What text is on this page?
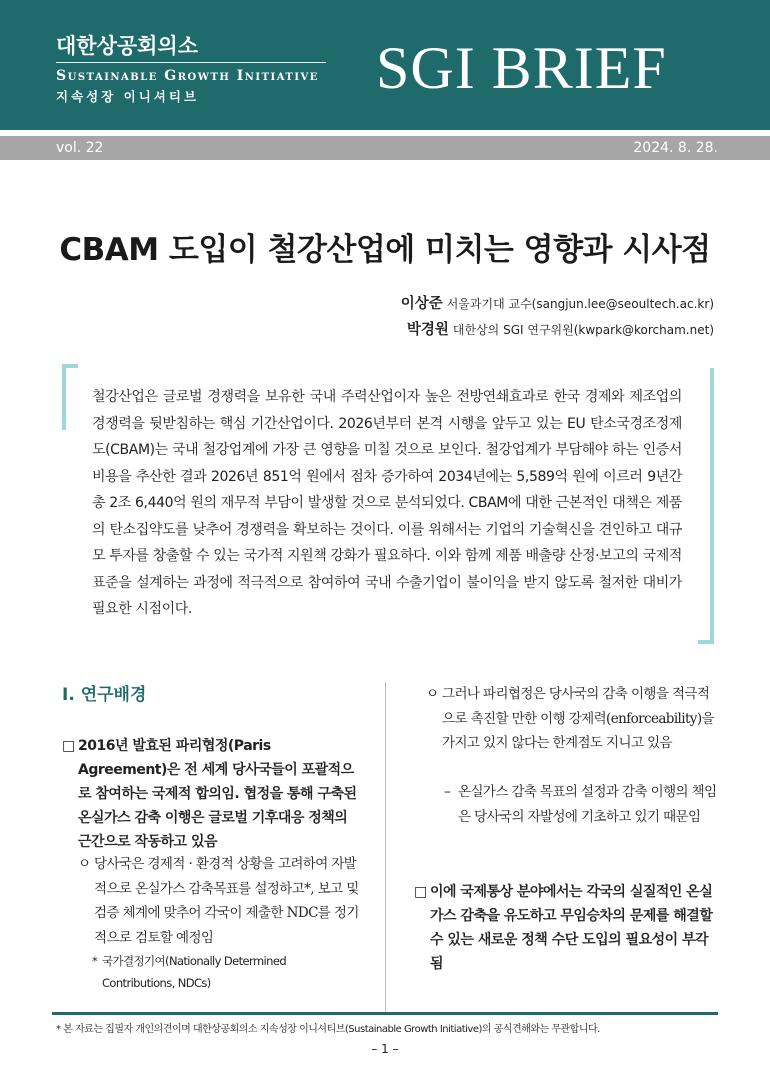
대한상공회의소
Sustainable Growth Initiative
지속성장 이니셔티브	SGI BRIEF
vol. 22	2024. 8. 28.
CBAM 도입이 철강산업에 미치는 영향과 시사점
이상준 서울과기대 교수(sangjun.lee@seoultech.ac.kr)
박경원 대한상의 SGI 연구위원(kwpark@korcham.net)

철강산업은 글로벌 경쟁력을 보유한 국내 주력산업이자 높은 전방연쇄효과로 한국 경제와 제조업의 경쟁력을 뒷받침하는 핵심 기간산업이다. 2026년부터 본격 시행을 앞두고 있는 EU 탄소국경조정제도(CBAM)는 국내 철강업계에 가장 큰 영향을 미칠 것으로 보인다. 철강업계가 부담해야 하는 인증서 비용을 추산한 결과 2026년 851억 원에서 점차 증가하여 2034년에는 5,589억 원에 이르러 9년간 총 2조 6,440억 원의 재무적 부담이 발생할 것으로 분석되었다. CBAM에 대한 근본적인 대책은 제품의 탄소집약도를 낮추어 경쟁력을 확보하는 것이다. 이를 위해서는 기업의 기술혁신을 견인하고 대규모 투자를 창출할 수 있는 국가적 지원책 강화가 필요하다. 이와 함께 제품 배출량 산정·보고의 국제적 표준을 설계하는 과정에 적극적으로 참여하여 국내 수출기업이 불이익을 받지 않도록 철저한 대비가 필요한 시점이다.

Ⅰ. 연구배경
□ 2016년 발효된 파리협정(Paris Agreement)은 전 세계 당사국들이 포괄적으로 참여하는 국제적 합의임. 협정을 통해 구축된 온실가스 감축 이행은 글로벌 기후대응 정책의 근간으로 작동하고 있음
ㅇ 당사국은 경제적 · 환경적 상황을 고려하여 자발적으로 온실가스 감축목표를 설정하고*, 보고 및 검증 체계에 맞추어 각국이 제출한 NDC를 정기적으로 검토할 예정임
* 국가결정기여(Nationally Determined Contributions, NDCs)
ㅇ 그러나 파리협정은 당사국의 감축 이행을 적극적으로 촉진할 만한 이행 강제력(enforceability)을 가지고 있지 않다는 한계점도 지니고 있음
– 온실가스 감축 목표의 설정과 감축 이행의 책임은 당사국의 자발성에 기초하고 있기 때문임
□ 이에 국제통상 분야에서는 각국의 실질적인 온실가스 감축을 유도하고 무임승차의 문제를 해결할 수 있는 새로운 정책 수단 도입의 필요성이 부각됨
* 본 자료는 집필자 개인의견이며 대한상공회의소 지속성장 이니셔티브(Sustainable Growth Initiative)의 공식견해와는 무관합니다.
– 1 –
